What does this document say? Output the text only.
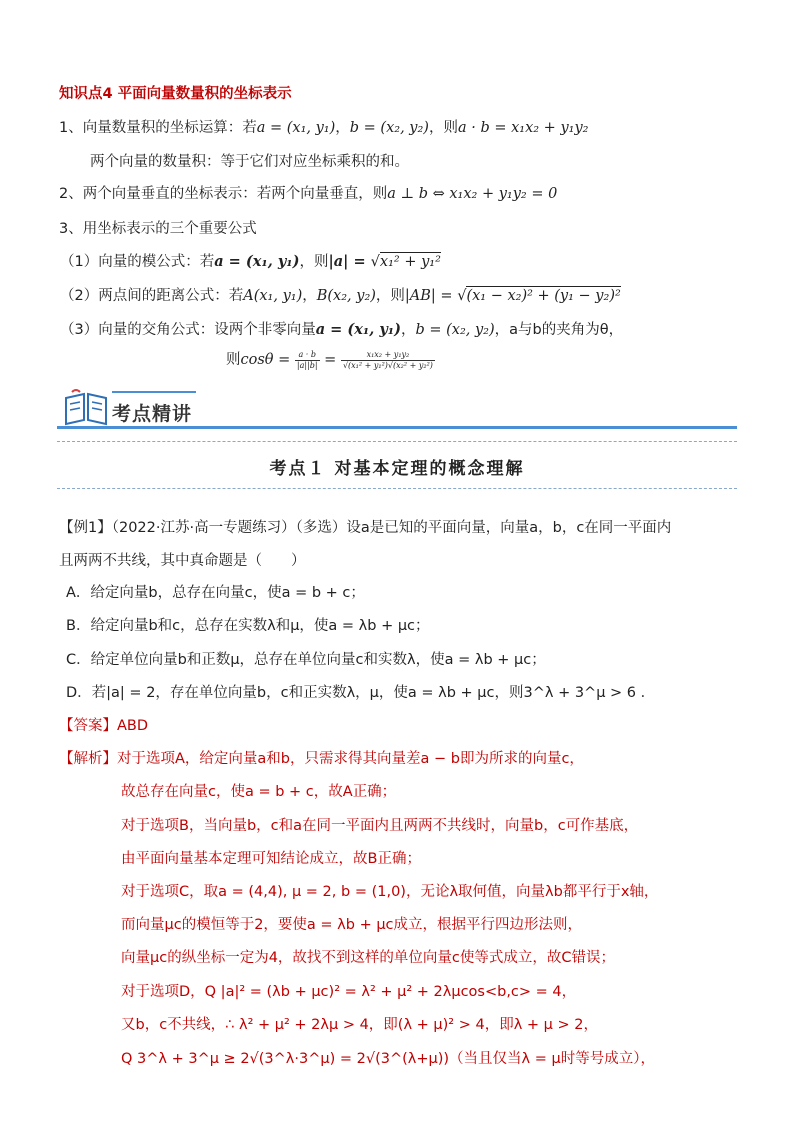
知识点4 平面向量数量积的坐标表示
1、向量数量积的坐标运算：若a = (x₁, y₁)，b = (x₂, y₂)，则a · b = x₁x₂ + y₁y₂
两个向量的数量积：等于它们对应坐标乘积的和。
2、两个向量垂直的坐标表示：若两个向量垂直，则a ⊥ b ⇔ x₁x₂ + y₁y₂ = 0
3、用坐标表示的三个重要公式
（1）向量的模公式：若a = (x₁, y₁)，则|a| = √x₁² + y₁²
（2）两点间的距离公式：若A(x₁, y₁)，B(x₂, y₂)，则|AB| = √(x₁ − x₂)² + (y₁ − y₂)²
（3）向量的交角公式：设两个非零向量a = (x₁, y₁)，b = (x₂, y₂)，a与b的夹角为θ，
则$\cos\theta = \frac{a \cdot b}{|a||b|} = \frac{\text{x₁x₂ + y₁y₂}}{\text{√(x₁² + y₁²)√(x₂² + y₂²)}}$
考点精讲
考点１ 对基本定理的概念理解
【例1】（2022·江苏·高一专题练习）（多选）设a是已知的平面向量，向量a，b，c在同一平面内
且两两不共线，其中真命题是（　　）
A．给定向量b，总存在向量c，使a = b + c；
B．给定向量b和c，总存在实数λ和μ，使a = λb + μc；
C．给定单位向量b和正数μ，总存在单位向量c和实数λ，使a = λb + μc；
D．若|a| = 2，存在单位向量b，c和正实数λ，μ，使a = λb + μc，则3^λ + 3^μ > 6 ．
【答案】ABD
【解析】对于选项A，给定向量a和b，只需求得其向量差a − b即为所求的向量c，
故总存在向量c，使a = b + c，故A正确；
对于选项B，当向量b，c和a在同一平面内且两两不共线时，向量b，c可作基底，
由平面向量基本定理可知结论成立，故B正确；
对于选项C，取a = (4,4), μ = 2, b = (1,0)，无论λ取何值，向量λb都平行于x轴，
而向量μc的模恒等于2，要使a = λb + μc成立，根据平行四边形法则，
向量μc的纵坐标一定为4，故找不到这样的单位向量c使等式成立，故C错误；
对于选项D，Q |a|² = (λb + μc)² = λ² + μ² + 2λμcos<b,c> = 4，
又b，c不共线，∴ λ² + μ² + 2λμ > 4，即(λ + μ)² > 4，即λ + μ > 2，
Q 3^λ + 3^μ ≥ 2√(3^λ·3^μ) = 2√(3^(λ+μ))（当且仅当λ = μ时等号成立），
